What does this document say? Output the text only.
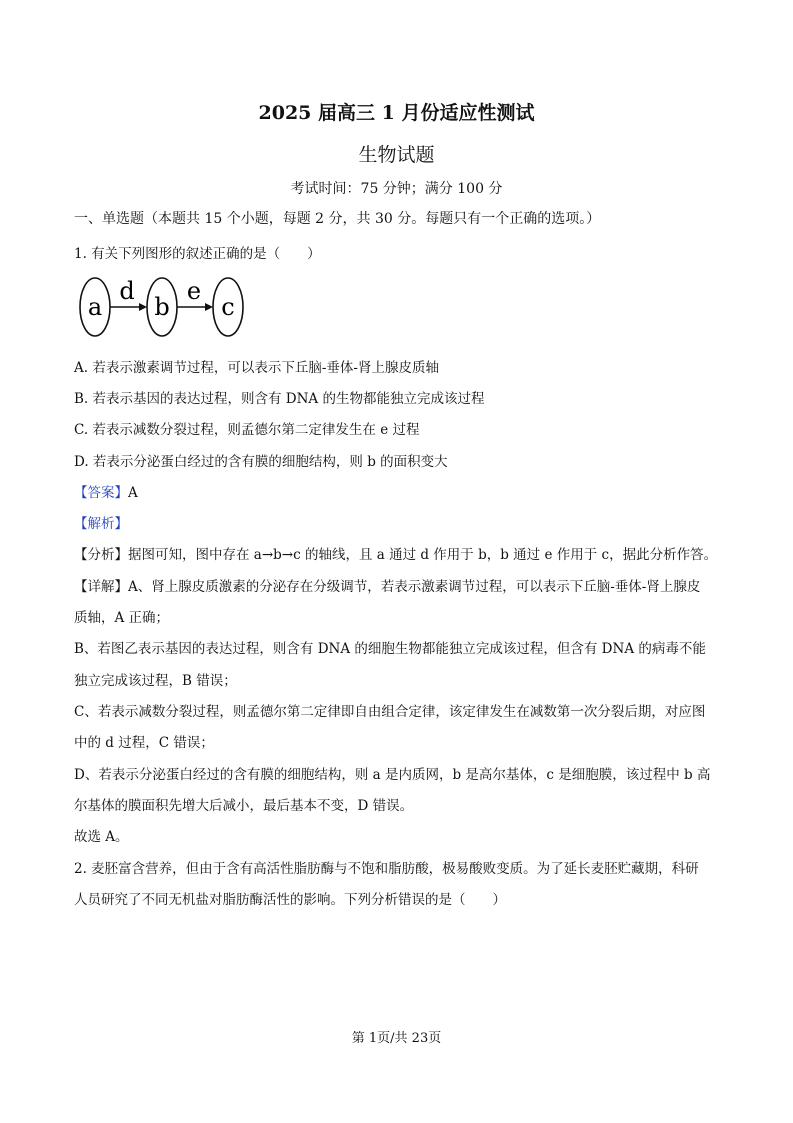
2025 届高三 1 月份适应性测试
生物试题
考试时间：75 分钟；满分 100 分
一、单选题（本题共 15 个小题，每题 2 分，共 30 分。每题只有一个正确的选项。）
1. 有关下列图形的叙述正确的是（　　）
a b c
d e
A. 若表示激素调节过程，可以表示下丘脑-垂体-肾上腺皮质轴
B. 若表示基因的表达过程，则含有 DNA 的生物都能独立完成该过程
C. 若表示减数分裂过程，则孟德尔第二定律发生在 e 过程
D. 若表示分泌蛋白经过的含有膜的细胞结构，则 b 的面积变大
【答案】A
【解析】
【分析】据图可知，图中存在 a→b→c 的轴线，且 a 通过 d 作用于 b，b 通过 e 作用于 c，据此分析作答。
【详解】A、肾上腺皮质激素的分泌存在分级调节，若表示激素调节过程，可以表示下丘脑-垂体-肾上腺皮
质轴，A 正确；
B、若图乙表示基因的表达过程，则含有 DNA 的细胞生物都能独立完成该过程，但含有 DNA 的病毒不能
独立完成该过程，B 错误；
C、若表示减数分裂过程，则孟德尔第二定律即自由组合定律，该定律发生在减数第一次分裂后期，对应图
中的 d 过程，C 错误；
D、若表示分泌蛋白经过的含有膜的细胞结构，则 a 是内质网，b 是高尔基体，c 是细胞膜，该过程中 b 高
尔基体的膜面积先增大后减小，最后基本不变，D 错误。
故选 A。
2. 麦胚富含营养，但由于含有高活性脂肪酶与不饱和脂肪酸，极易酸败变质。为了延长麦胚贮藏期，科研
人员研究了不同无机盐对脂肪酶活性的影响。下列分析错误的是（　　）
第 1页/共 23页
